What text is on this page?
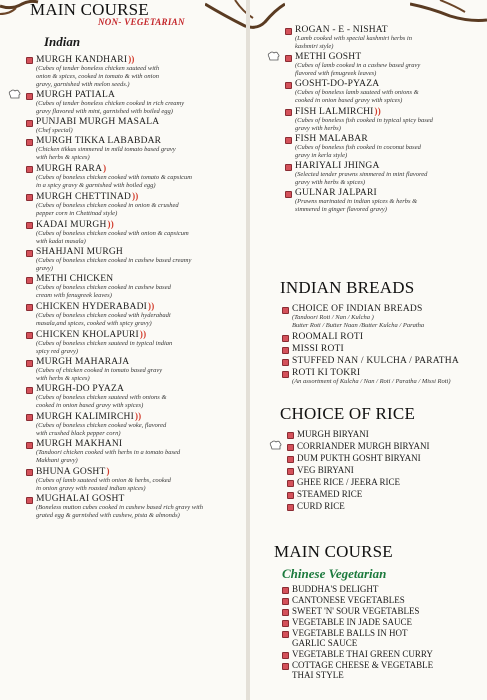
MAIN COURSE
NON- VEGETARIAN
Indian
MURGH KANDHARI))
(Cubes of tender boneless chicken sauteed with
onion & spices, cooked in tomato & with onion
gravy, garnished with melon seeds.)
MURGH PATIALA
(Cubes of tender boneless chicken cooked in rich creamy
gravy flavored with mint, garnished with boiled egg)
PUNJABI MURGH MASALA
(Chef special)
MURGH TIKKA LABABDAR
(Chicken tikkas simmered in mild tomato based gravy
with herbs & spices)
MURGH RARA)
(Cubes of boneless chicken cooked with tomato & capsicum
in a spicy gravy & garnished with boiled egg)
MURGH CHETTINAD))
(Cubes of boneless chicken cooked in onion & crushed
pepper corn in Chettinad style)
KADAI MURGH))
(Cubes of boneless chicken cooked with onion & capsicum
with kadai masala)
SHAHJANI MURGH
(Cubes of boneless chicken cooked in cashew based creamy
gravy)
METHI CHICKEN
(Cubes of boneless chicken cooked in cashew based
cream with fenugreek leaves)
CHICKEN HYDERABADI))
(Cubes of boneless chicken cooked with hyderabadi
masala,and spices, cooked with spicy gravy)
CHICKEN KHOLAPURI))
(Cubes of boneless chicken sauteed in typical indian
spicy red gravy)
MURGH MAHARAJA
(Cubes of chicken cooked in tomato based gravy
with herbs & spices)
MURGH-DO PYAZA
(Cubes of boneless chicken sauteed with onions &
cooked in onion based gravy with spices)
MURGH KALIMIRCHI))
(Cubes of boneless chicken cooked woke, flavored
with crushed black pepper corn)
MURGH MAKHANI
(Tandoori chicken cooked with herbs in a tomato based
Makhani gravy)
BHUNA GOSHT)
(Cubes of lamb sauteed with onion & herbs, cooked
in onion gravy with roasted indian spices)
MUGHALAI GOSHT
(Boneless mutton cubes cooked in cashew based rich gravy with
grated egg & garnished with cashew, pista & almonds)
ROGAN - E - NISHAT
(Lamb cooked with special kashmiri herbs in
kashmiri style)
METHI GOSHT
(Cubes of lamb cooked in a cashew based gravy
flavored with fenugreek leaves)
GOSHT-DO-PYAZA
(Cubes of boneless lamb sauteed with onions &
cooked in onion based gravy with spices)
FISH LALMIRCHI))
(Cubes of boneless fish cooked in typical spicy based
gravy with herbs)
FISH MALABAR
(Cubes of boneless fish cooked in coconut based
gravy in kerla style)
HARIYALI JHINGA
(Selected tender prawns simmered in mint flavored
gravy with herbs & spices)
GULNAR JALPARI
(Prawns marinated in indian spices & herbs &
simmered in ginger flavored gravy)
INDIAN BREADS
CHOICE OF INDIAN BREADS
(Tandoori Roti / Nan / Kulcha )
Butter Roti / Butter Naan /Butter Kulcha / Paratha
ROOMALI ROTI
MISSI ROTI
STUFFED NAN / KULCHA / PARATHA
ROTI KI TOKRI
(An assortment of Kulcha / Nan / Roti / Paratha / Missi Roti)
CHOICE OF RICE
MURGH BIRYANI
CORRIANDER MURGH BIRYANI
DUM PUKTH GOSHT BIRYANI
VEG BIRYANI
GHEE RICE / JEERA RICE
STEAMED RICE
CURD RICE
MAIN COURSE
Chinese Vegetarian
BUDDHA'S DELIGHT
CANTONESE VEGETABLES
SWEET 'N' SOUR VEGETABLES
VEGETABLE IN JADE SAUCE
VEGETABLE BALLS IN HOT
GARLIC SAUCE
VEGETABLE THAI GREEN CURRY
COTTAGE CHEESE & VEGETABLE
THAI STYLE
